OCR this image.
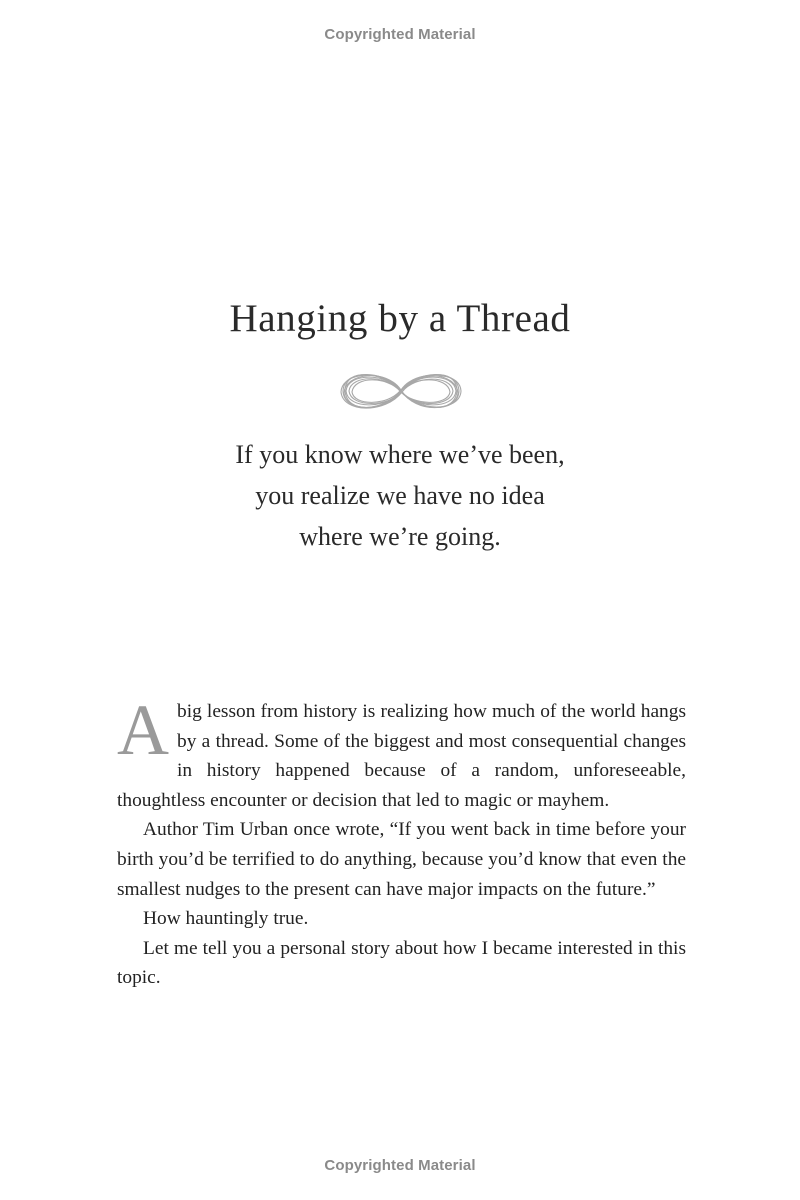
Copyrighted Material
Hanging by a Thread
If you know where we’ve been,
you realize we have no idea
where we’re going.

Abig lesson from history is realizing how much of the world hangs by a thread. Some of the biggest and most consequential changes in history happened because of a random, unforeseeable, thoughtless encounter or decision that led to magic or mayhem.

Author Tim Urban once wrote, “If you went back in time before your birth you’d be terrified to do anything, because you’d know that even the smallest nudges to the present can have major impacts on the future.”

How hauntingly true.

Let me tell you a personal story about how I became interested in this topic.

Copyrighted Material
